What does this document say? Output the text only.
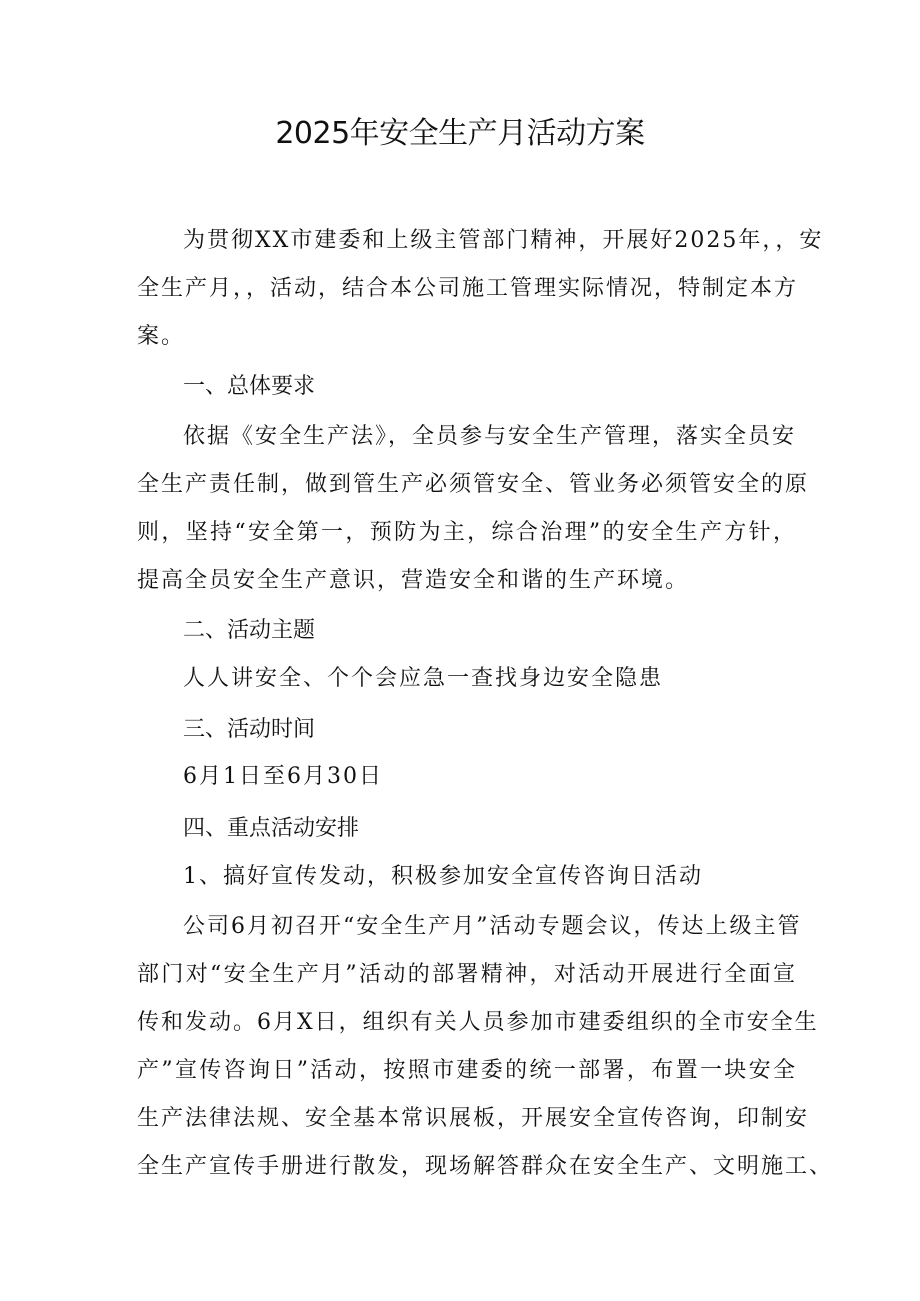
2025年安全生产月活动方案
为贯彻XX市建委和上级主管部门精神，开展好2025年，，安
全生产月，，活动，结合本公司施工管理实际情况，特制定本方
案。
一、总体要求
依据《安全生产法》，全员参与安全生产管理，落实全员安
全生产责任制，做到管生产必须管安全、管业务必须管安全的原
则，坚持“安全第一，预防为主，综合治理”的安全生产方针，
提高全员安全生产意识，营造安全和谐的生产环境。
二、活动主题
人人讲安全、个个会应急一查找身边安全隐患
三、活动时间
6月1日至6月30日
四、重点活动安排
1、搞好宣传发动，积极参加安全宣传咨询日活动
公司6月初召开“安全生产月”活动专题会议，传达上级主管
部门对“安全生产月”活动的部署精神，对活动开展进行全面宣
传和发动。6月X日，组织有关人员参加市建委组织的全市安全生
产”宣传咨询日”活动，按照市建委的统一部署，布置一块安全
生产法律法规、安全基本常识展板，开展安全宣传咨询，印制安
全生产宣传手册进行散发，现场解答群众在安全生产、文明施工、
